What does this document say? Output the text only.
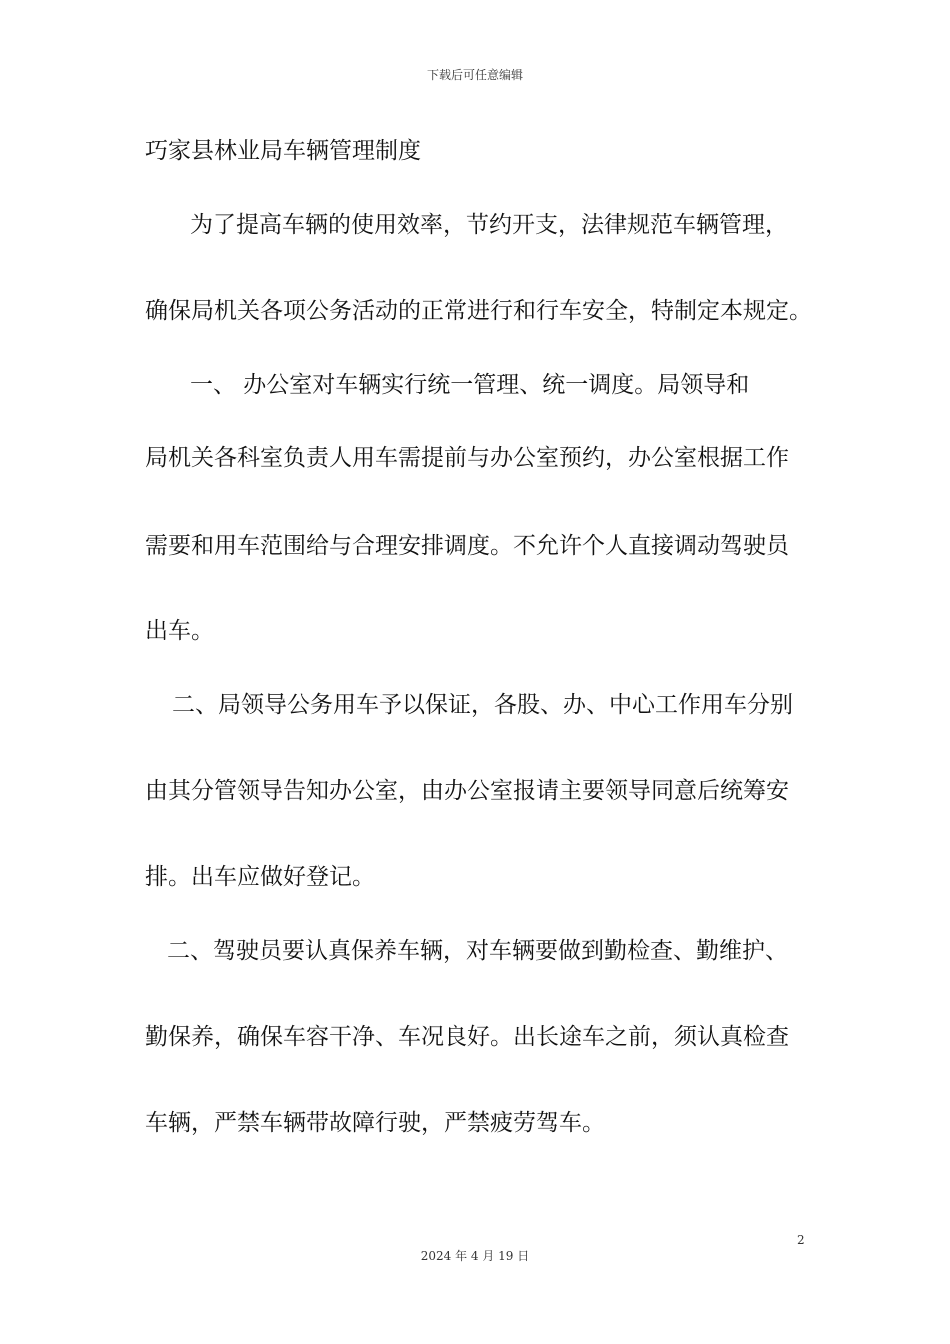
下载后可任意编辑
巧家县林业局车辆管理制度
为了提高车辆的使用效率，节约开支，法律规范车辆管理，
确保局机关各项公务活动的正常进行和行车安全，特制定本规定。
一、 办公室对车辆实行统一管理、统一调度。局领导和
局机关各科室负责人用车需提前与办公室预约，办公室根据工作
需要和用车范围给与合理安排调度。不允许个人直接调动驾驶员
出车。
二、局领导公务用车予以保证，各股、办、中心工作用车分别
由其分管领导告知办公室，由办公室报请主要领导同意后统筹安
排。出车应做好登记。
二、驾驶员要认真保养车辆，对车辆要做到勤检查、勤维护、
勤保养，确保车容干净、车况良好。出长途车之前，须认真检查
车辆，严禁车辆带故障行驶，严禁疲劳驾车。
2
2024 年 4 月 19 日
